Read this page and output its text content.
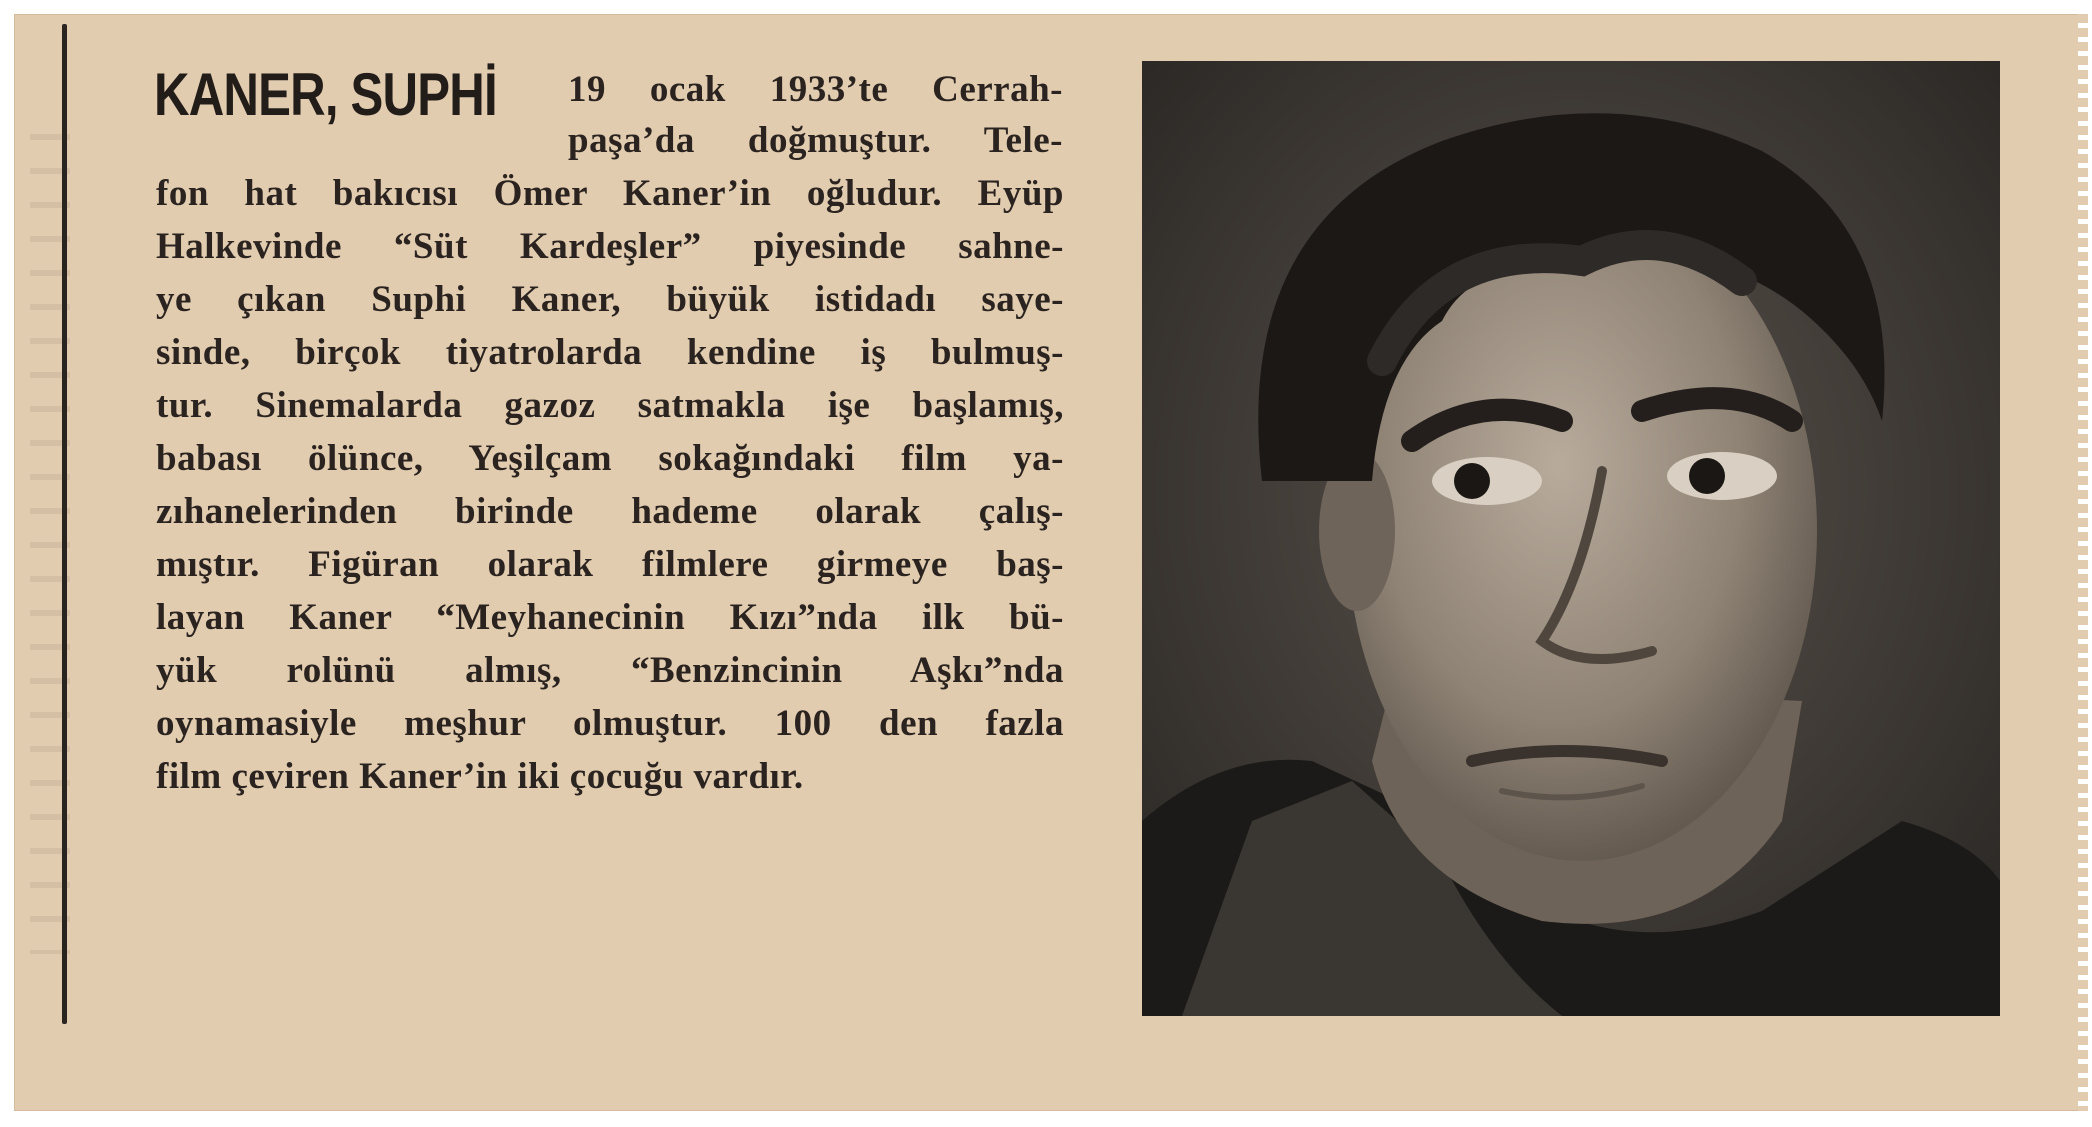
KANER, SUPHİ 19 ocak 1933’te Cerrah-
paşa’da doğmuştur. Tele-
fon hat bakıcısı Ömer Kaner’in oğludur. Eyüp
Halkevinde “Süt Kardeşler” piyesinde sahne-
ye çıkan Suphi Kaner, büyük istidadı saye-
sinde, birçok tiyatrolarda kendine iş bulmuş-
tur. Sinemalarda gazoz satmakla işe başlamış,
babası ölünce, Yeşilçam sokağındaki film ya-
zıhanelerinden birinde hademe olarak çalış-
mıştır. Figüran olarak filmlere girmeye baş-
layan Kaner “Meyhanecinin Kızı”nda ilk bü-
yük rolünü almış, “Benzincinin Aşkı”nda
oynamasiyle meşhur olmuştur. 100 den fazla
film çeviren Kaner’in iki çocuğu vardır.
